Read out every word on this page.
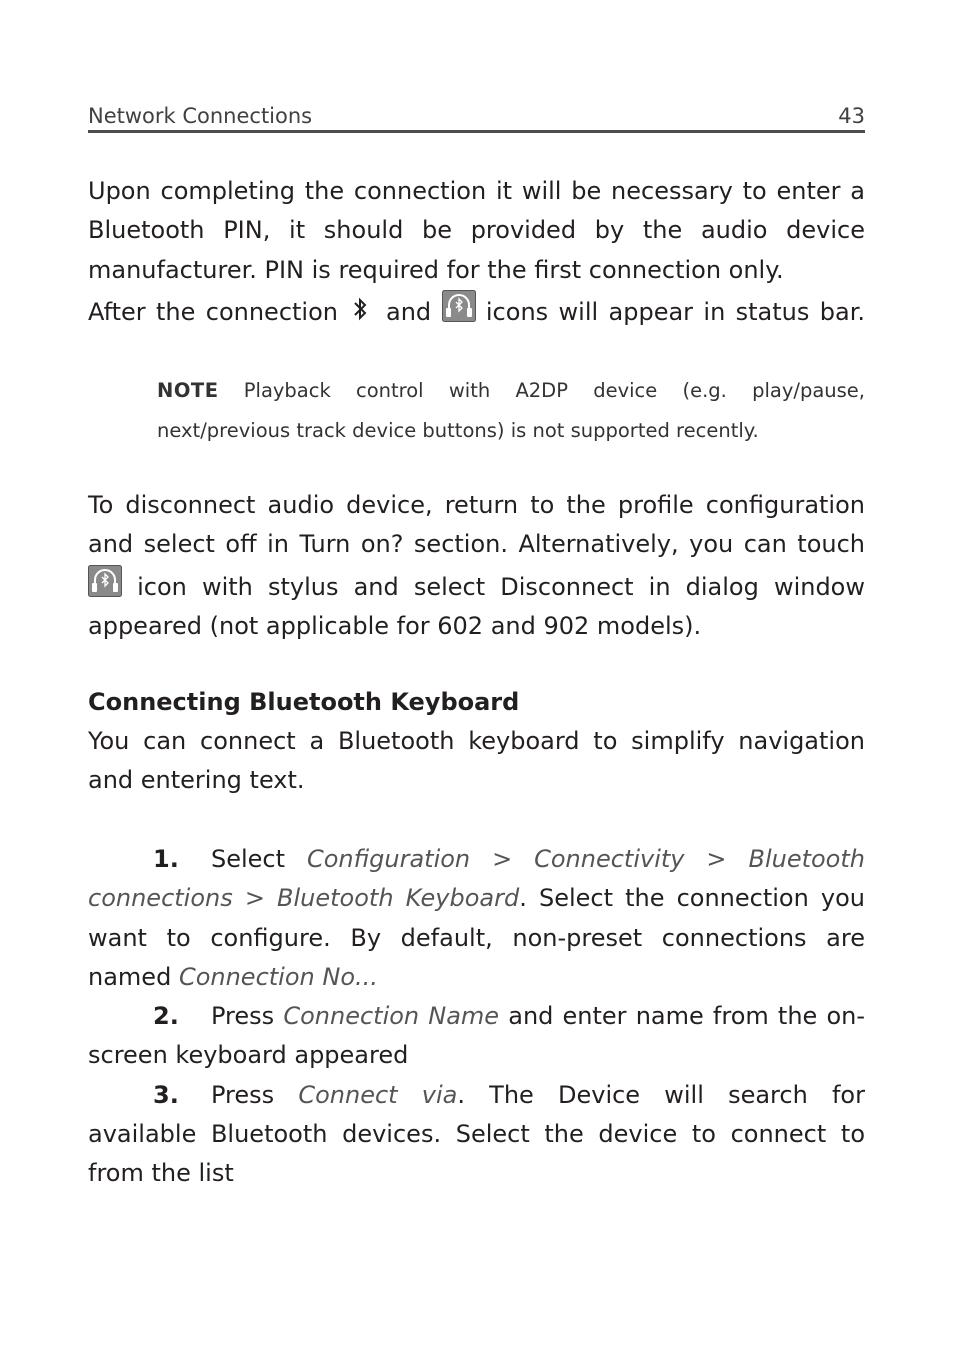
Network Connections	43
Upon completing the connection it will be necessary to enter a Bluetooth PIN, it should be provided by the audio device manufacturer. PIN is required for the first connection only.

After the connection and icons will appear in status bar.
NOTE Playback control with A2DP device (e.g. play/pause, next/previous track device buttons) is not supported recently.
To disconnect audio device, return to the profile configuration and select off in Turn on? section. Alternatively, you can touch  icon with stylus and select Disconnect in dialog window appeared (not applicable for 602 and 902 models).
Connecting Bluetooth Keyboard
You can connect a Bluetooth keyboard to simplify navigation and entering text.
1. Select Configuration > Connectivity > Bluetooth connections > Bluetooth Keyboard. Select the connection you want to configure. By default, non-preset connections are named Connection No...
2. Press Connection Name and enter name from the on-screen keyboard appeared
3. Press Connect via. The Device will search for available Bluetooth devices. Select the device to connect to from the list
